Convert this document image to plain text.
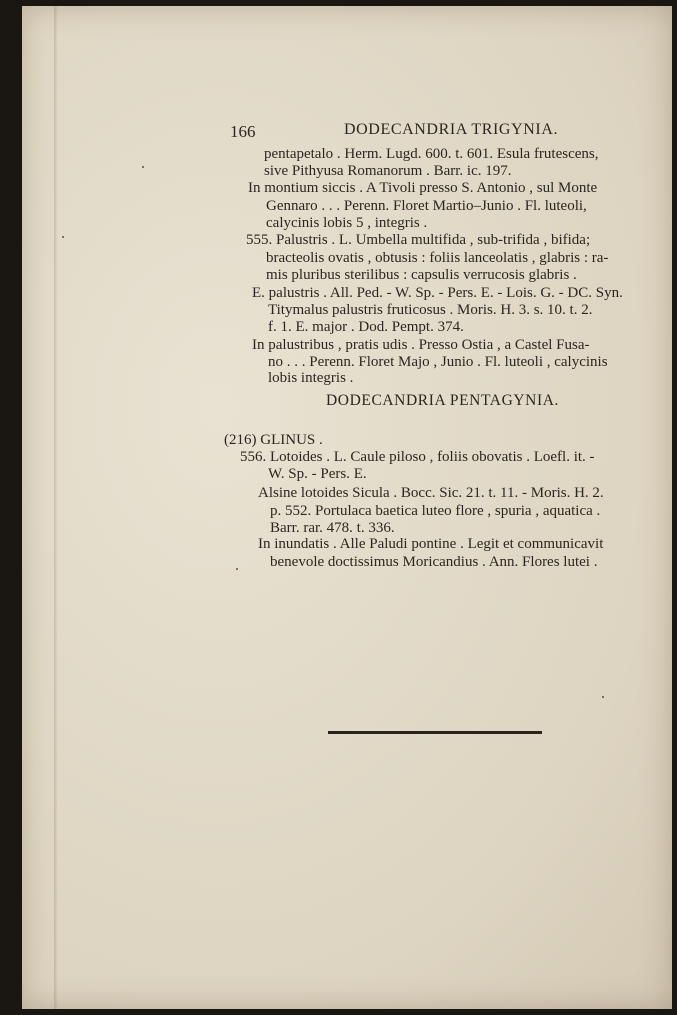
166	DODECANDRIA TRIGYNIA.
pentapetalo . Herm. Lugd. 600. t. 601. Esula frutescens,
sive Pithyusa Romanorum . Barr. ic. 197.
In montium siccis . A Tivoli presso S. Antonio , sul Monte
Gennaro . . . Perenn. Floret Martio–Junio . Fl. luteoli,
calycinis lobis 5 , integris .
555. Palustris . L. Umbella multifida , sub-trifida , bifida;
bracteolis ovatis , obtusis : foliis lanceolatis , glabris : ra-
mis pluribus sterilibus : capsulis verrucosis glabris .
E. palustris . All. Ped. - W. Sp. - Pers. E. - Lois. G. - DC. Syn.
Titymalus palustris fruticosus . Moris. H. 3. s. 10. t. 2.
f. 1. E. major . Dod. Pempt. 374.
In palustribus , pratis udis . Presso Ostia , a Castel Fusa-
no . . . Perenn. Floret Majo , Junio . Fl. luteoli , calycinis
lobis integris .
DODECANDRIA PENTAGYNIA.
(216) GLINUS .
556. Lotoides . L. Caule piloso , foliis obovatis . Loefl. it. -
W. Sp. - Pers. E.
Alsine lotoides Sicula . Bocc. Sic. 21. t. 11. - Moris. H. 2.
p. 552. Portulaca baetica luteo flore , spuria , aquatica .
Barr. rar. 478. t. 336.
In inundatis . Alle Paludi pontine . Legit et communicavit
benevole doctissimus Moricandius . Ann. Flores lutei .
